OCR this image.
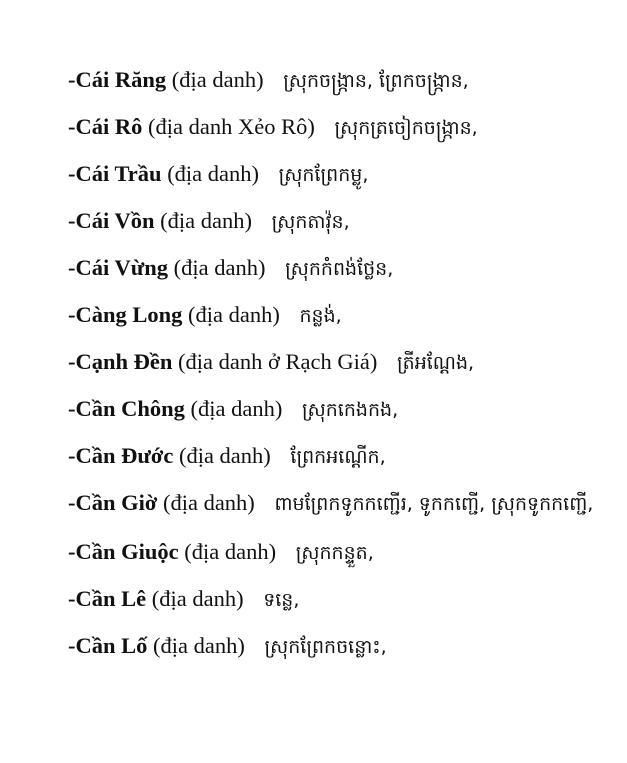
-Cái Răng (địa danh) ស្រុកចង្ក្រាន, ព្រែកចង្ក្រាន,
-Cái Rô (địa danh Xẻo Rô) ស្រុកត្រចៀកចង្ក្រាន,
-Cái Trầu (địa danh) ស្រុកព្រែកម្លូ,
-Cái Vồn (địa danh) ស្រុកតាវ៉ុន,
-Cái Vừng (địa danh) ស្រុកកំពង់ថ្លែន,
-Càng Long (địa danh) កន្លង់,
-Cạnh Đền (địa danh ở Rạch Giá) ត្រីអណ្ដែង,
-Cần Chông (địa danh) ស្រុកកេងកង,
-Cần Đước (địa danh) ព្រែកអណ្ដើក,
-Cần Giờ (địa danh) ពាមព្រែកទូកកញ្ជើរ, ទូកកញ្ជើ, ស្រុកទូកកញ្ជើ,
-Cần Giuộc (địa danh) ស្រុកកន្ទួត,
-Cần Lê (địa danh) ទន្លេ,
-Cần Lố (địa danh) ស្រុកព្រែកចន្លោះ,
